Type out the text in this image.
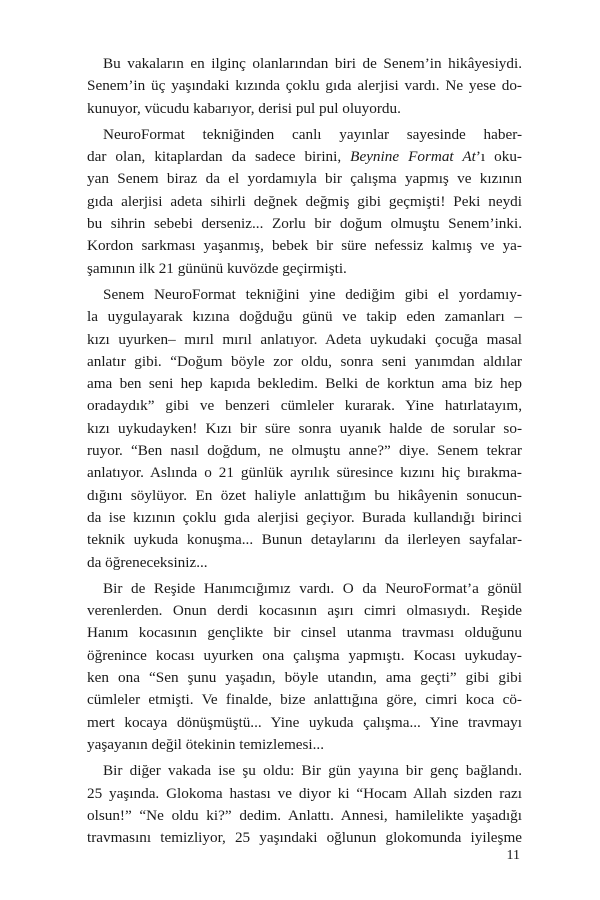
Bu vakaların en ilginç olanlarından biri de Senem’in hikâyesiydi.
Senem’in üç yaşındaki kızında çoklu gıda alerjisi vardı. Ne yese do-
kunuyor, vücudu kabarıyor, derisi pul pul oluyordu.

NeuroFormat tekniğinden canlı yayınlar sayesinde haber-
dar olan, kitaplardan da sadece birini, Beynine Format At’ı oku-
yan Senem biraz da el yordamıyla bir çalışma yapmış ve kızının
gıda alerjisi adeta sihirli değnek değmiş gibi geçmişti! Peki neydi
bu sihrin sebebi derseniz... Zorlu bir doğum olmuştu Senem’inki.
Kordon sarkması yaşanmış, bebek bir süre nefessiz kalmış ve ya-
şamının ilk 21 gününü kuvözde geçirmişti.

Senem NeuroFormat tekniğini yine dediğim gibi el yordamıy-
la uygulayarak kızına doğduğu günü ve takip eden zamanları –
kızı uyurken– mırıl mırıl anlatıyor. Adeta uykudaki çocuğa masal
anlatır gibi. “Doğum böyle zor oldu, sonra seni yanımdan aldılar
ama ben seni hep kapıda bekledim. Belki de korktun ama biz hep
oradaydık” gibi ve benzeri cümleler kurarak. Yine hatırlatayım,
kızı uykudayken! Kızı bir süre sonra uyanık halde de sorular so-
ruyor. “Ben nasıl doğdum, ne olmuştu anne?” diye. Senem tekrar
anlatıyor. Aslında o 21 günlük ayrılık süresince kızını hiç bırakma-
dığını söylüyor. En özet haliyle anlattığım bu hikâyenin sonucun-
da ise kızının çoklu gıda alerjisi geçiyor. Burada kullandığı birinci
teknik uykuda konuşma... Bunun detaylarını da ilerleyen sayfalar-
da öğreneceksiniz...

Bir de Reşide Hanımcığımız vardı. O da NeuroFormat’a gönül
verenlerden. Onun derdi kocasının aşırı cimri olmasıydı. Reşide
Hanım kocasının gençlikte bir cinsel utanma travması olduğunu
öğrenince kocası uyurken ona çalışma yapmıştı. Kocası uykuday-
ken ona “Sen şunu yaşadın, böyle utandın, ama geçti” gibi gibi
cümleler etmişti. Ve finalde, bize anlattığına göre, cimri koca cö-
mert kocaya dönüşmüştü... Yine uykuda çalışma... Yine travmayı
yaşayanın değil ötekinin temizlemesi...

Bir diğer vakada ise şu oldu: Bir gün yayına bir genç bağlandı.
25 yaşında. Glokoma hastası ve diyor ki “Hocam Allah sizden razı
olsun!” “Ne oldu ki?” dedim. Anlattı. Annesi, hamilelikte yaşadığı
travmasını temizliyor, 25 yaşındaki oğlunun glokomunda iyileşme

11
